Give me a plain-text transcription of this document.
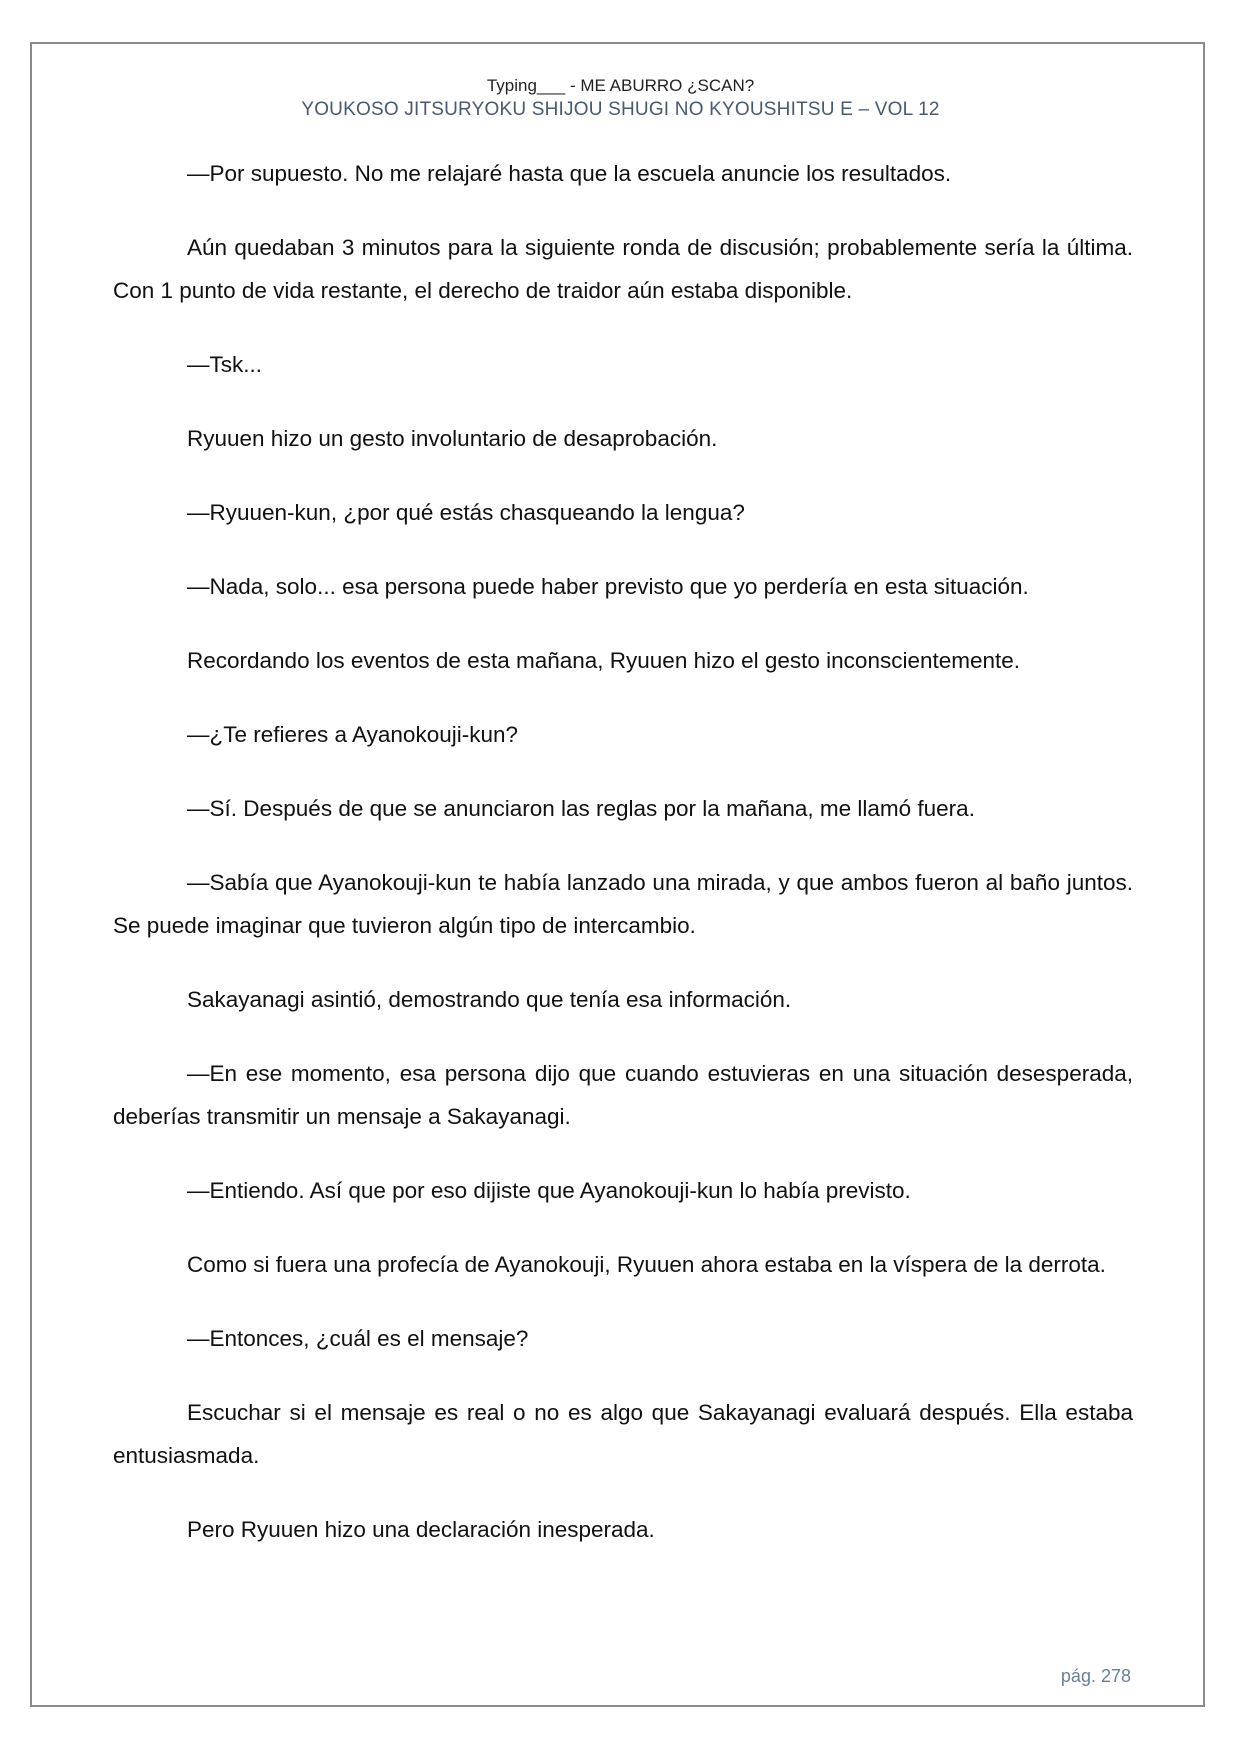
Typing___ - ME ABURRO ¿SCAN?
YOUKOSO JITSURYOKU SHIJOU SHUGI NO KYOUSHITSU E – VOL 12

—Por supuesto. No me relajaré hasta que la escuela anuncie los resultados.

Aún quedaban 3 minutos para la siguiente ronda de discusión; probablemente sería la última. Con 1 punto de vida restante, el derecho de traidor aún estaba disponible.

—Tsk...

Ryuuen hizo un gesto involuntario de desaprobación.

—Ryuuen-kun, ¿por qué estás chasqueando la lengua?

—Nada, solo... esa persona puede haber previsto que yo perdería en esta situación.

Recordando los eventos de esta mañana, Ryuuen hizo el gesto inconscientemente.

—¿Te refieres a Ayanokouji-kun?

—Sí. Después de que se anunciaron las reglas por la mañana, me llamó fuera.

—Sabía que Ayanokouji-kun te había lanzado una mirada, y que ambos fueron al baño juntos. Se puede imaginar que tuvieron algún tipo de intercambio.

Sakayanagi asintió, demostrando que tenía esa información.

—En ese momento, esa persona dijo que cuando estuvieras en una situación desesperada, deberías transmitir un mensaje a Sakayanagi.

—Entiendo. Así que por eso dijiste que Ayanokouji-kun lo había previsto.

Como si fuera una profecía de Ayanokouji, Ryuuen ahora estaba en la víspera de la derrota.

—Entonces, ¿cuál es el mensaje?

Escuchar si el mensaje es real o no es algo que Sakayanagi evaluará después. Ella estaba entusiasmada.

Pero Ryuuen hizo una declaración inesperada.

pág. 278
